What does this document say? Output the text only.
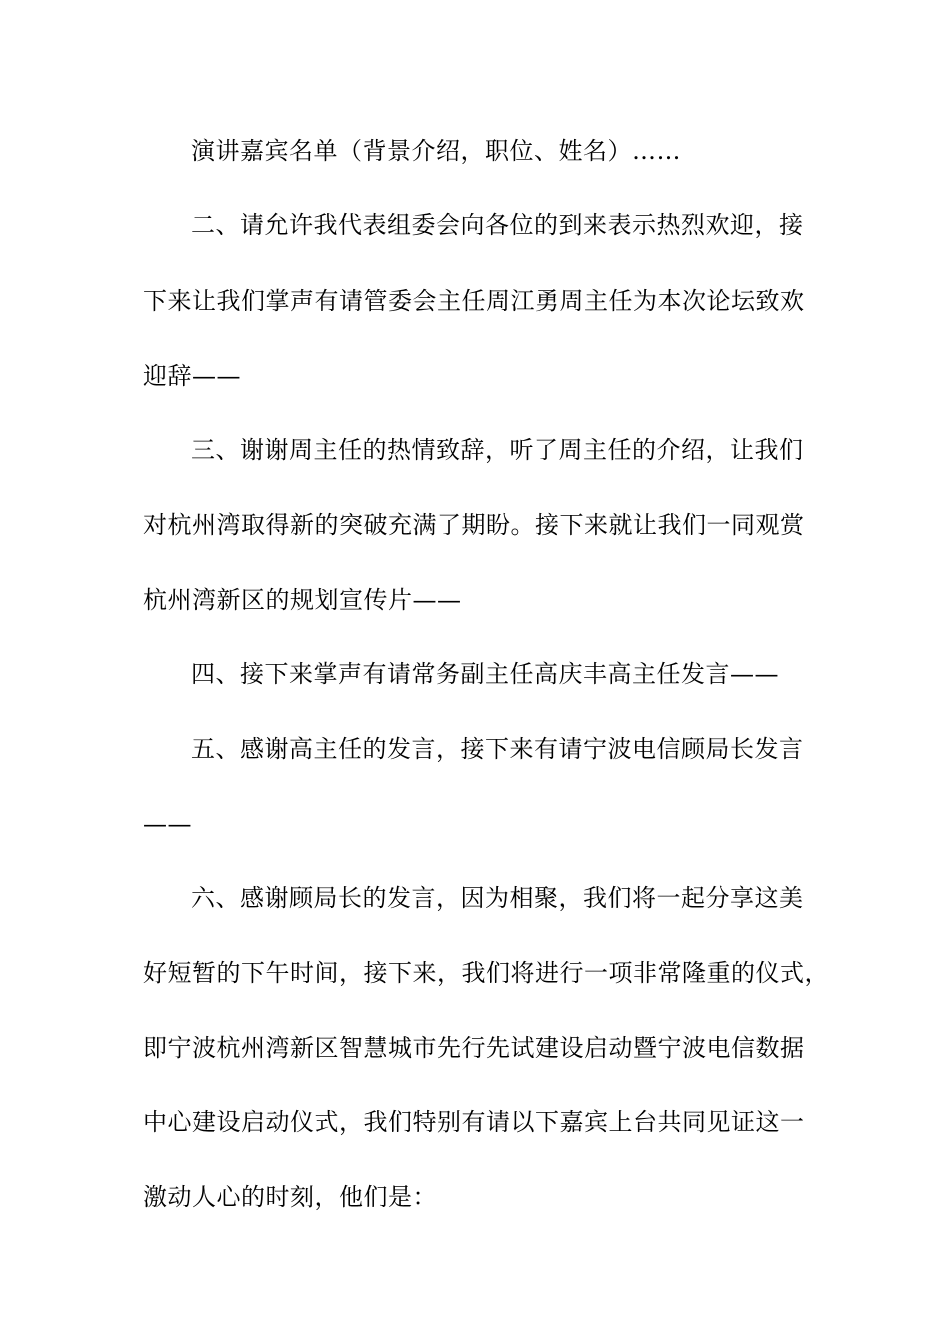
演讲嘉宾名单（背景介绍，职位、姓名）……
二、请允许我代表组委会向各位的到来表示热烈欢迎，接
下来让我们掌声有请管委会主任周江勇周主任为本次论坛致欢
迎辞——
三、谢谢周主任的热情致辞，听了周主任的介绍，让我们
对杭州湾取得新的突破充满了期盼。接下来就让我们一同观赏
杭州湾新区的规划宣传片——
四、接下来掌声有请常务副主任高庆丰高主任发言——
五、感谢高主任的发言，接下来有请宁波电信顾局长发言
——
六、感谢顾局长的发言，因为相聚，我们将一起分享这美
好短暂的下午时间，接下来，我们将进行一项非常隆重的仪式，
即宁波杭州湾新区智慧城市先行先试建设启动暨宁波电信数据
中心建设启动仪式，我们特别有请以下嘉宾上台共同见证这一
激动人心的时刻，他们是：
